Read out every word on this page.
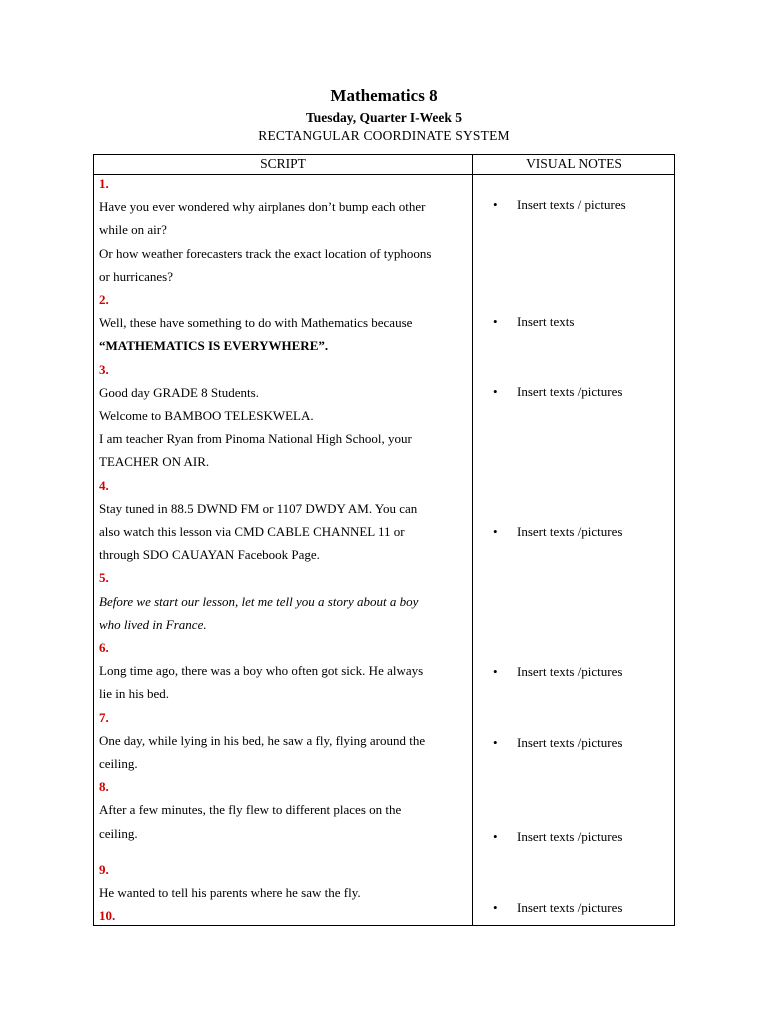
Mathematics 8
Tuesday, Quarter I-Week 5
RECTANGULAR COORDINATE SYSTEM
SCRIPT	VISUAL NOTES
1.
Have you ever wondered why airplanes don’t bump each other
while on air?
Or how weather forecasters track the exact location of typhoons
or hurricanes?
2.
Well, these have something to do with Mathematics because
“MATHEMATICS IS EVERYWHERE”.
3.
Good day GRADE 8 Students.
Welcome to BAMBOO TELESKWELA.
I am teacher Ryan from Pinoma National High School, your
TEACHER ON AIR.
4.
Stay tuned in 88.5 DWND FM or 1107 DWDY AM. You can
also watch this lesson via CMD CABLE CHANNEL 11 or
through SDO CAUAYAN Facebook Page.
5.
Before we start our lesson, let me tell you a story about a boy
who lived in France.
6.
Long time ago, there was a boy who often got sick. He always
lie in his bed.
7.
One day, while lying in his bed, he saw a fly, flying around the
ceiling.
8.
After a few minutes, the fly flew to different places on the
ceiling.
9.
He wanted to tell his parents where he saw the fly.
10.
• Insert texts / pictures
• Insert texts
• Insert texts /pictures
• Insert texts /pictures
• Insert texts /pictures
• Insert texts /pictures
• Insert texts /pictures
• Insert texts /pictures
